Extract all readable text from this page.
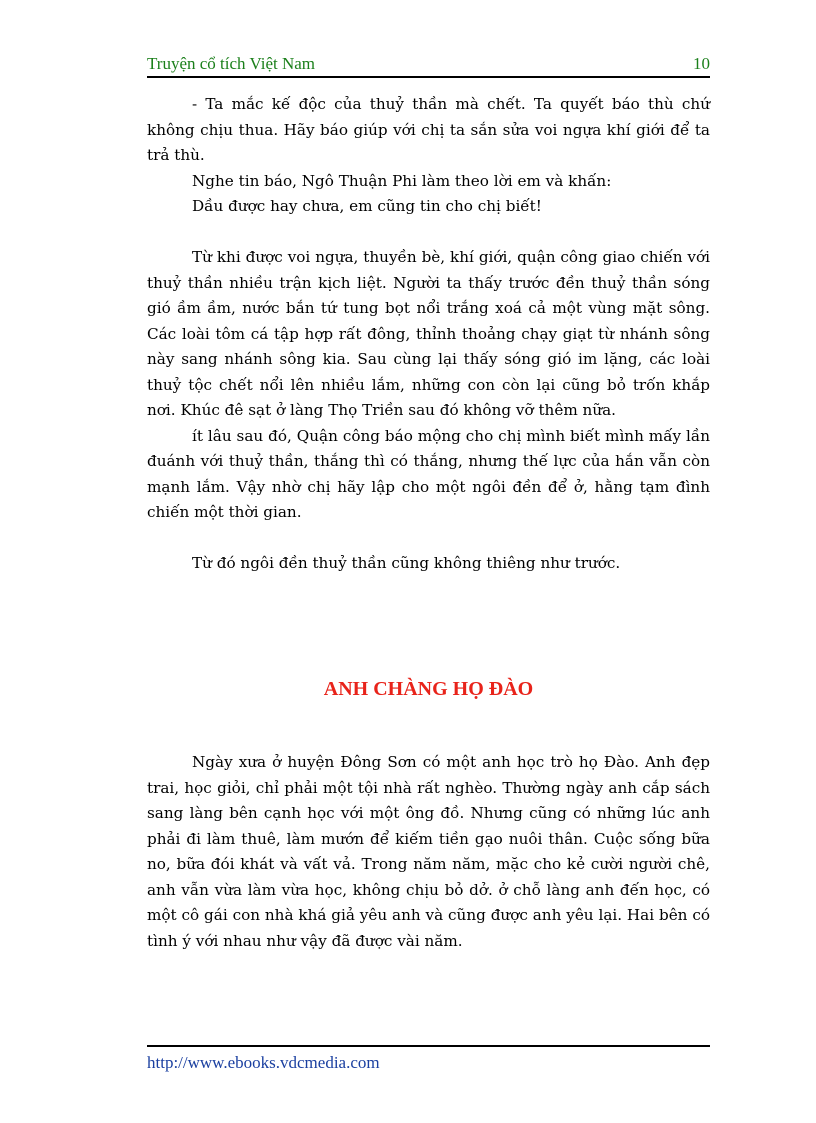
Truyện cổ tích Việt Nam	10

- Ta mắc kế độc của thuỷ thần mà chết. Ta quyết báo thù chứ không chịu thua. Hãy báo giúp với chị ta sắn sửa voi ngựa khí giới để ta trả thù.

Nghe tin báo, Ngô Thuận Phi làm theo lời em và khấn:

Dầu được hay chưa, em cũng tin cho chị biết!

Từ khi được voi ngựa, thuyền bè, khí giới, quận công giao chiến với thuỷ thần nhiều trận kịch liệt. Người ta thấy trước đền thuỷ thần sóng gió ầm ầm, nước bắn tứ tung bọt nổi trắng xoá cả một vùng mặt sông. Các loài tôm cá tập hợp rất đông, thỉnh thoảng chạy giạt từ nhánh sông này sang nhánh sông kia. Sau cùng lại thấy sóng gió im lặng, các loài thuỷ tộc chết nổi lên nhiều lắm, những con còn lại cũng bỏ trốn khắp nơi. Khúc đê sạt ở làng Thọ Triền sau đó không vỡ thêm nữa.

ít lâu sau đó, Quận công báo mộng cho chị mình biết mình mấy lần đuánh với thuỷ thần, thắng thì có thắng, nhưng thế lực của hắn vẫn còn mạnh lắm. Vậy nhờ chị hãy lập cho một ngôi đền để ở, hằng tạm đình chiến một thời gian.

Từ đó ngôi đền thuỷ thần cũng không thiêng như trước.

ANH CHÀNG HỌ ĐÀO

Ngày xưa ở huyện Đông Sơn có một anh học trò họ Đào. Anh đẹp trai, học giỏi, chỉ phải một tội nhà rất nghèo. Thường ngày anh cắp sách sang làng bên cạnh học với một ông đồ. Nhưng cũng có những lúc anh phải đi làm thuê, làm mướn để kiếm tiền gạo nuôi thân. Cuộc sống bữa no, bữa đói khát và vất vả. Trong năm năm, mặc cho kẻ cười người chê, anh vẫn vừa làm vừa học, không chịu bỏ dở. ở chỗ làng anh đến học, có một cô gái con nhà khá giả yêu anh và cũng được anh yêu lại. Hai bên có tình ý với nhau như vậy đã được vài năm.

http://www.ebooks.vdcmedia.com
